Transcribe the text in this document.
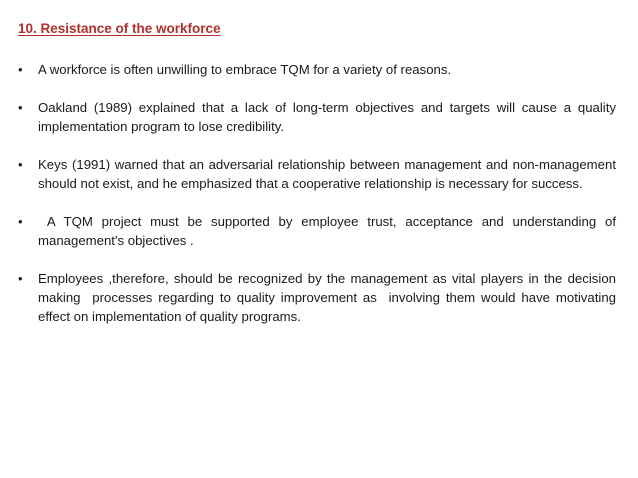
10. Resistance of the workforce
•	A workforce is often unwilling to embrace TQM for a variety of reasons.
•	Oakland (1989) explained that a lack of long-term objectives and targets will cause a quality implementation program to lose credibility.
•	Keys (1991) warned that an adversarial relationship between management and non-management should not exist, and he emphasized that a cooperative relationship is necessary for success.
•	A TQM project must be supported by employee trust, acceptance and understanding of management's objectives .
•	Employees ,therefore, should be recognized by the management as vital players in the decision making  processes regarding to quality improvement as  involving them would have motivating effect on implementation of quality programs.
